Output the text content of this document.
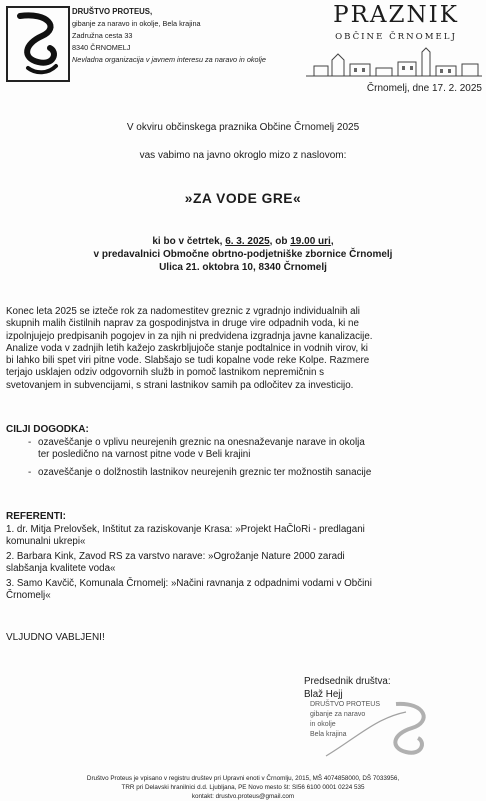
DRUŠTVO PROTEUS,
gibanje za naravo in okolje, Bela krajina
Zadružna cesta 33
8340 ČRNOMELJ
Nevladna organizacija v javnem interesu za naravo in okolje
PRAZNIK
OBČINE ČRNOMELJ
Črnomelj, dne 17. 2. 2025
V okviru občinskega praznika Občine Črnomelj 2025
vas vabimo na javno okroglo mizo z naslovom:
»ZA VODE GRE«
ki bo v četrtek, 6. 3. 2025, ob 19.00 uri,
v predavalnici Območne obrtno-podjetniške zbornice Črnomelj
Ulica 21. oktobra 10, 8340 Črnomelj
Konec leta 2025 se izteče rok za nadomestitev greznic z vgradnjo individualnih ali
skupnih malih čistilnih naprav za gospodinjstva in druge vire odpadnih voda, ki ne
izpolnjujejo predpisanih pogojev in za njih ni predvidena izgradnja javne kanalizacije.
Analize voda v zadnjih letih kažejo zaskrbljujoče stanje podtalnice in vodnih virov, ki
bi lahko bili spet viri pitne vode. Slabšajo se tudi kopalne vode reke Kolpe. Razmere
terjajo usklajen odziv odgovornih služb in pomoč lastnikom nepremičnin s
svetovanjem in subvencijami, s strani lastnikov samih pa odločitev za investicijo.
CILJI DOGODKA:
- ozaveščanje o vplivu neurejenih greznic na onesnaževanje narave in okolja
ter posledično na varnost pitne vode v Beli krajini
- ozaveščanje o dolžnostih lastnikov neurejenih greznic ter možnostih sanacije
REFERENTI:
1. dr. Mitja Prelovšek, Inštitut za raziskovanje Krasa: »Projekt HaČloRi - predlagani
komunalni ukrepi«
2. Barbara Kink, Zavod RS za varstvo narave: »Ogrožanje Nature 2000 zaradi
slabšanja kvalitete voda«
3. Samo Kavčič, Komunala Črnomelj: »Načini ravnanja z odpadnimi vodami v Občini
Črnomelj«
VLJUDNO VABLJENI!
Predsednik društva:
Blaž Hejj
DRUŠTVO PROTEUS
gibanje za naravo
in okolje
Bela krajina
Društvo Proteus je vpisano v registru društev pri Upravni enoti v Črnomlju, 2015, MŠ 4074858000, DŠ 7033956,
TRR pri Delavski hranilnici d.d. Ljubljana, PE Novo mesto št: SI56 6100 0001 0224 535
kontakt: drustvo.proteus@gmail.com
